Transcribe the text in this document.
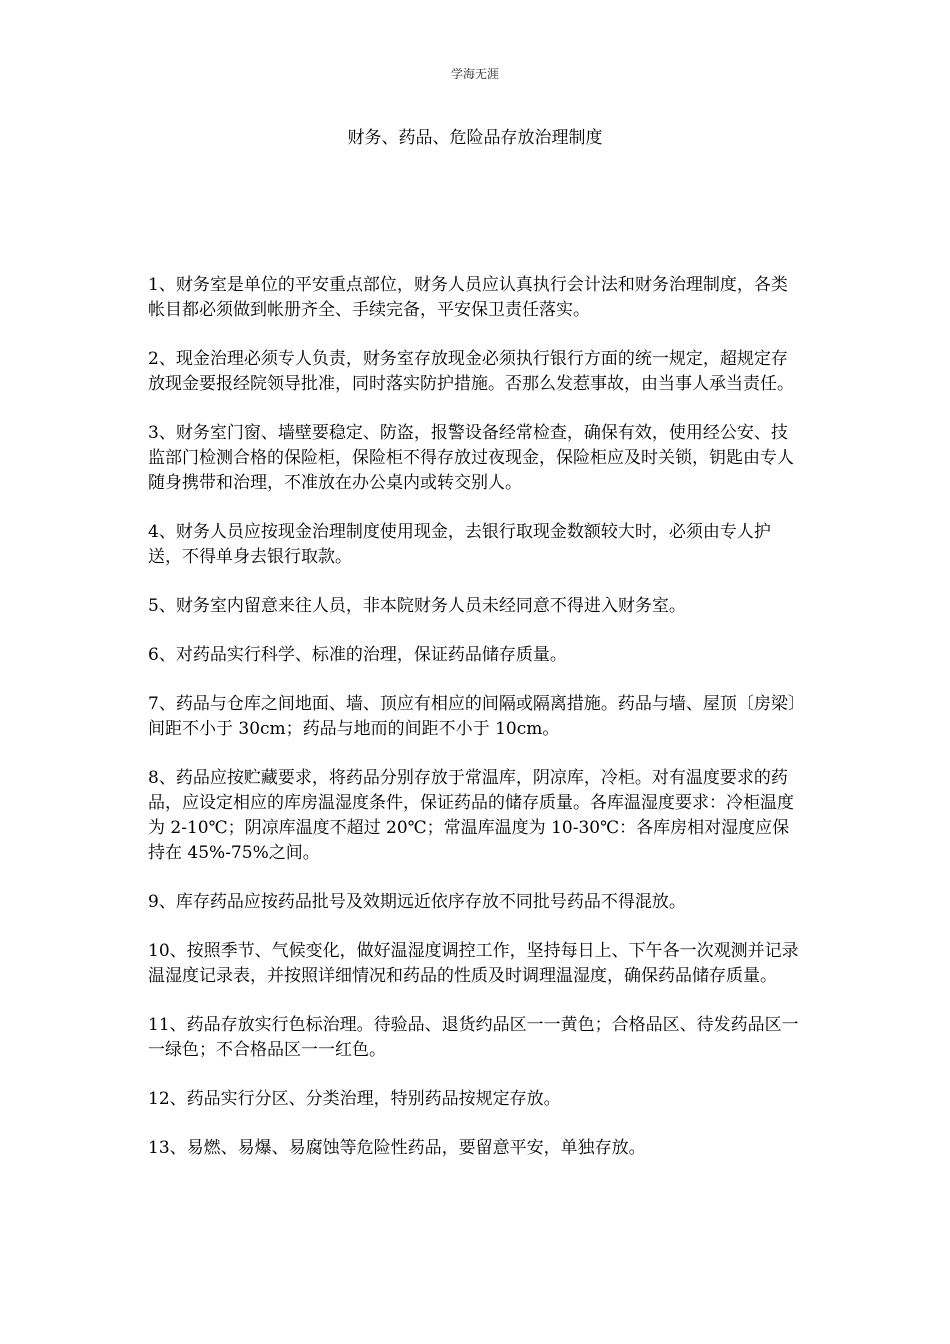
学海无涯
财务、药品、危险品存放治理制度

1、财务室是单位的平安重点部位，财务人员应认真执行会计法和财务治理制度，各类帐目都必须做到帐册齐全、手续完备，平安保卫责任落实。

2、现金治理必须专人负责，财务室存放现金必须执行银行方面的统一规定，超规定存放现金要报经院领导批准，同时落实防护措施。否那么发惹事故，由当事人承当责任。

3、财务室门窗、墙壁要稳定、防盗，报警设备经常检查，确保有效，使用经公安、技监部门检测合格的保险柜，保险柜不得存放过夜现金，保险柜应及时关锁，钥匙由专人随身携带和治理，不准放在办公桌内或转交别人。

4、财务人员应按现金治理制度使用现金，去银行取现金数额较大时，必须由专人护送，不得单身去银行取款。

5、财务室内留意来往人员，非本院财务人员未经同意不得进入财务室。

6、对药品实行科学、标准的治理，保证药品储存质量。

7、药品与仓库之间地面、墙、顶应有相应的间隔或隔离措施。药品与墙、屋顶〔房梁〕间距不小于 30cm；药品与地而的间距不小于 10cm。

8、药品应按贮藏要求，将药品分别存放于常温库，阴凉库，冷柜。对有温度要求的药品，应设定相应的库房温湿度条件，保证药品的储存质量。各库温湿度要求：冷柜温度为 2-10℃；阴凉库温度不超过 20℃；常温库温度为 10-30℃：各库房相对湿度应保持在 45%-75%之间。

9、库存药品应按药品批号及效期远近依序存放不同批号药品不得混放。

10、按照季节、气候变化，做好温湿度调控工作，坚持每日上、下午各一次观测并记录温湿度记录表，并按照详细情况和药品的性质及时调理温湿度，确保药品储存质量。

11、药品存放实行色标治理。待验品、退货约品区一一黄色；合格品区、待发药品区一一绿色；不合格品区一一红色。

12、药品实行分区、分类治理，特别药品按规定存放。

13、易燃、易爆、易腐蚀等危险性药品，要留意平安，单独存放。
